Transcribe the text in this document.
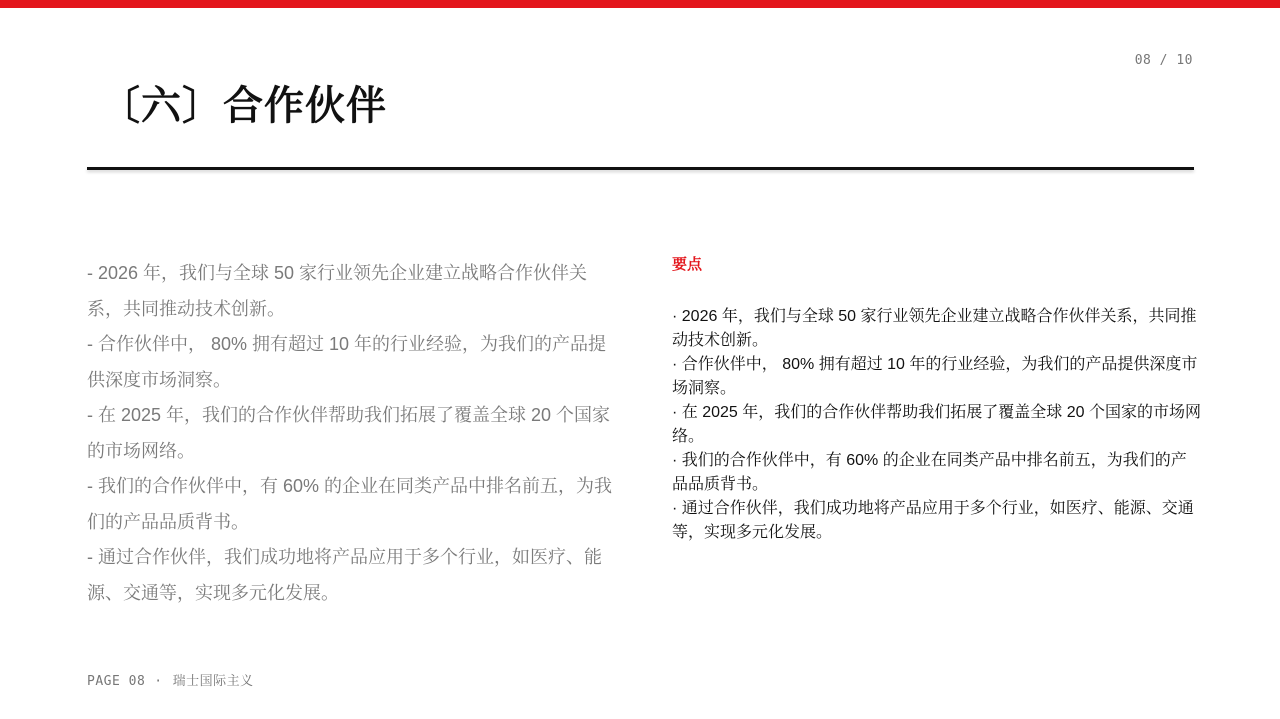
08 / 10
〔六〕合作伙伴

- 2026 年，我们与全球 50 家行业领先企业建立战略合作伙伴关系，共同推动技术创新。

- 合作伙伴中， 80% 拥有超过 10 年的行业经验，为我们的产品提供深度市场洞察。

- 在 2025 年，我们的合作伙伴帮助我们拓展了覆盖全球 20 个国家的市场网络。

- 我们的合作伙伴中，有 60% 的企业在同类产品中排名前五，为我们的产品品质背书。

- 通过合作伙伴，我们成功地将产品应用于多个行业，如医疗、能源、交通等，实现多元化发展。

要点

· 2026 年，我们与全球 50 家行业领先企业建立战略合作伙伴关系，共同推动技术创新。

· 合作伙伴中， 80% 拥有超过 10 年的行业经验，为我们的产品提供深度市场洞察。

· 在 2025 年，我们的合作伙伴帮助我们拓展了覆盖全球 20 个国家的市场网络。

· 我们的合作伙伴中，有 60% 的企业在同类产品中排名前五，为我们的产品品质背书。

· 通过合作伙伴，我们成功地将产品应用于多个行业，如医疗、能源、交通等，实现多元化发展。

PAGE 08 · 瑞士国际主义
